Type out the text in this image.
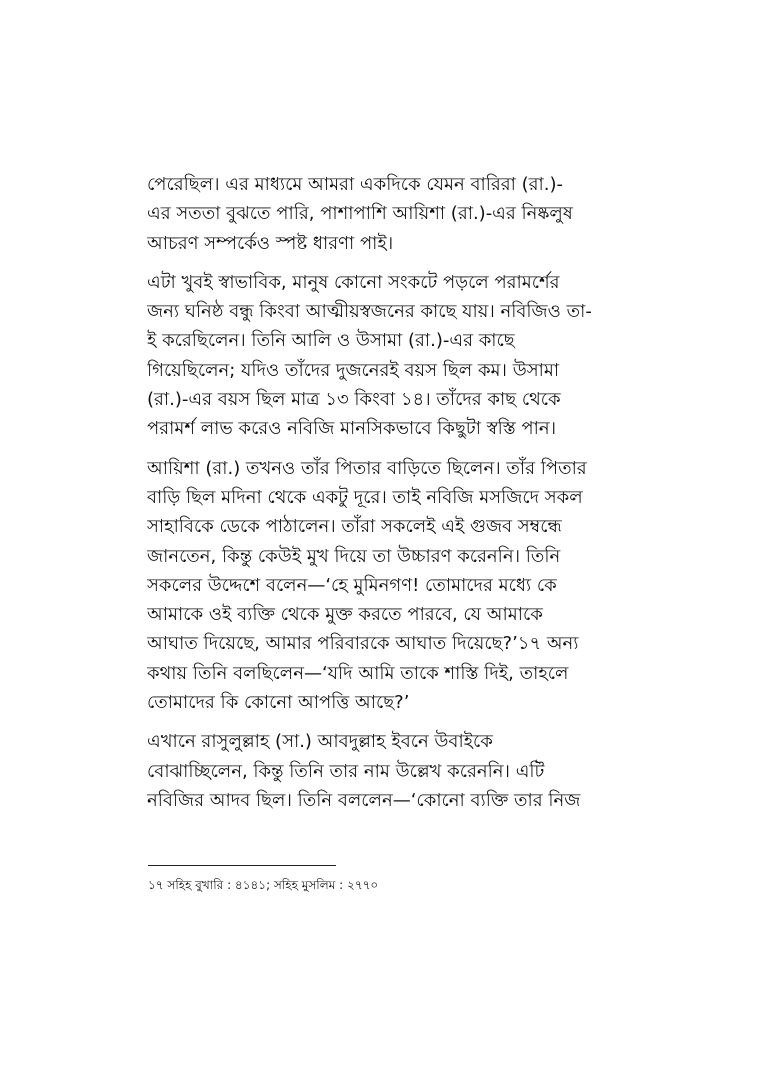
পেরেছিল। এর মাধ্যমে আমরা একদিকে যেমন বারিরা (রা.)-
এর সততা বুঝতে পারি, পাশাপাশি আয়িশা (রা.)-এর নিষ্কলুষ
আচরণ সম্পর্কেও স্পষ্ট ধারণা পাই।

এটা খুবই স্বাভাবিক, মানুষ কোনো সংকটে পড়লে পরামর্শের
জন্য ঘনিষ্ঠ বন্ধু কিংবা আত্মীয়স্বজনের কাছে যায়। নবিজিও তা-
ই করেছিলেন। তিনি আলি ও উসামা (রা.)-এর কাছে
গিয়েছিলেন; যদিও তাঁদের দুজনেরই বয়স ছিল কম। উসামা
(রা.)-এর বয়স ছিল মাত্র ১৩ কিংবা ১৪। তাঁদের কাছ থেকে
পরামর্শ লাভ করেও নবিজি মানসিকভাবে কিছুটা স্বস্তি পান।

আয়িশা (রা.) তখনও তাঁর পিতার বাড়িতে ছিলেন। তাঁর পিতার
বাড়ি ছিল মদিনা থেকে একটু দূরে। তাই নবিজি মসজিদে সকল
সাহাবিকে ডেকে পাঠালেন। তাঁরা সকলেই এই গুজব সম্বন্ধে
জানতেন, কিন্তু কেউই মুখ দিয়ে তা উচ্চারণ করেননি। তিনি
সকলের উদ্দেশে বলেন—‘হে মুমিনগণ! তোমাদের মধ্যে কে
আমাকে ওই ব্যক্তি থেকে মুক্ত করতে পারবে, যে আমাকে
আঘাত দিয়েছে, আমার পরিবারকে আঘাত দিয়েছে?’১৭ অন্য
কথায় তিনি বলছিলেন—‘যদি আমি তাকে শাস্তি দিই, তাহলে
তোমাদের কি কোনো আপত্তি আছে?’

এখানে রাসুলুল্লাহ (সা.) আবদুল্লাহ ইবনে উবাইকে
বোঝাচ্ছিলেন, কিন্তু তিনি তার নাম উল্লেখ করেননি। এটি
নবিজির আদব ছিল। তিনি বললেন—‘কোনো ব্যক্তি তার নিজ

১৭ সহিহ বুখারি : ৪১৪১; সহিহ মুসলিম : ২৭৭০
